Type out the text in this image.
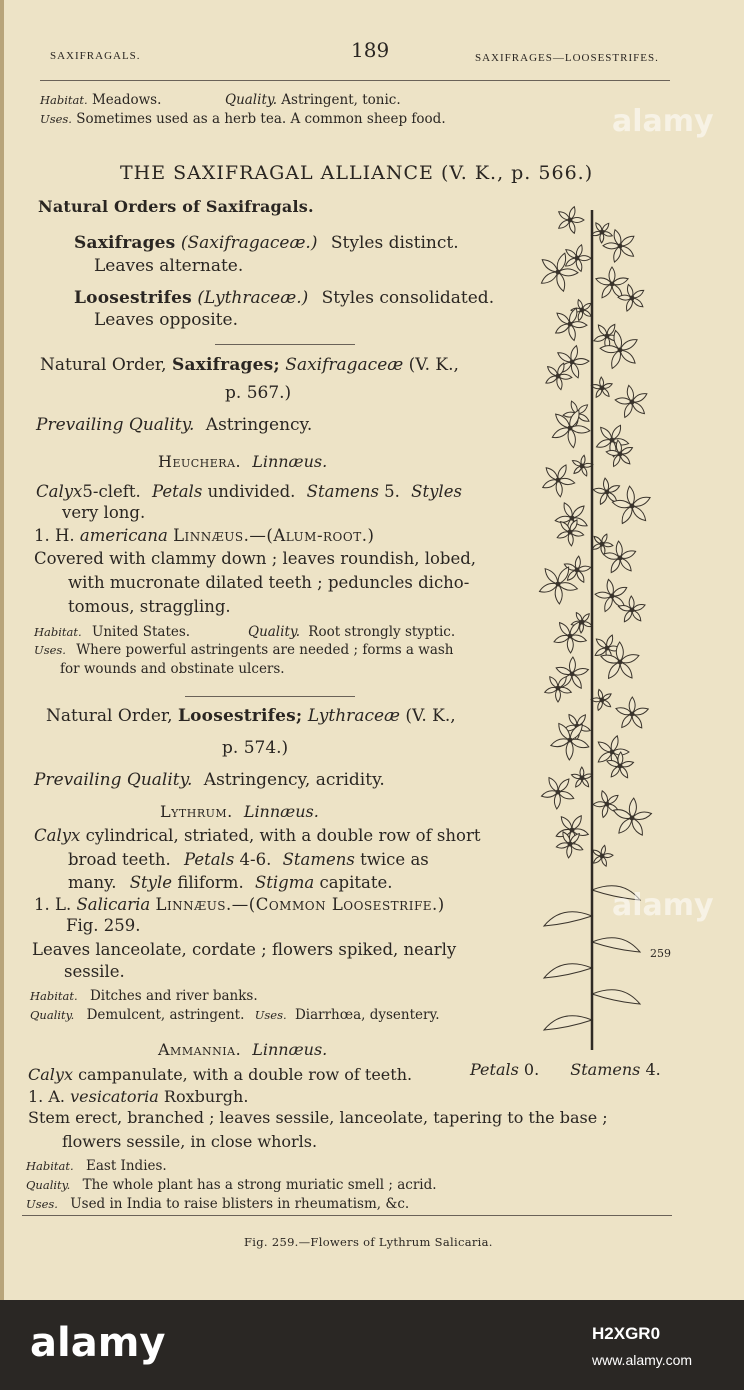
SAXIFRAGALS.	189	SAXIFRAGES—LOOSESTRIFES.
Habitat. Meadows.	Quality. Astringent, tonic.
Uses. Sometimes used as a herb tea. A common sheep food.
THE SAXIFRAGAL ALLIANCE (V. K., p. 566.)
Natural Orders of Saxifragals.
Saxifrages (Saxifragaceæ.) Styles distinct.
Leaves alternate.
Loosestrifes (Lythraceæ.) Styles consolidated.
Leaves opposite.
Natural Order, Saxifrages; Saxifragaceæ (V. K.,
p. 567.)
Prevailing Quality. Astringency.
Heuchera. Linnæus.
Calyx5-cleft. Petals undivided. Stamens 5. Styles
very long.
1. H. americana Linnæus.—(Alum-root.)
Covered with clammy down ; leaves roundish, lobed,
with mucronate dilated teeth ; peduncles dicho-
tomous, straggling.
Habitat. United States.	Quality. Root strongly styptic.
Uses. Where powerful astringents are needed ; forms a wash
for wounds and obstinate ulcers.
Natural Order, Loosestrifes; Lythraceæ (V. K.,
p. 574.)
Prevailing Quality. Astringency, acridity.
Lythrum. Linnæus.
Calyx cylindrical, striated, with a double row of short
broad teeth. Petals 4-6. Stamens twice as
many. Style filiform. Stigma capitate.
1. L. Salicaria Linnæus.—(Common Loosestrife.)
Fig. 259.
Leaves lanceolate, cordate ; flowers spiked, nearly
sessile.
Habitat. Ditches and river banks.
Quality. Demulcent, astringent. Uses. Diarrhœa, dysentery.
Ammannia. Linnæus.
Calyx campanulate, with a double row of teeth.	Petals 0. Stamens 4.
1. A. vesicatoria Roxburgh.
Stem erect, branched ; leaves sessile, lanceolate, tapering to the base ;
flowers sessile, in close whorls.
Habitat. East Indies.
Quality. The whole plant has a strong muriatic smell ; acrid.
Uses. Used in India to raise blisters in rheumatism, &c.
Fig. 259.—Flowers of Lythrum Salicaria.
259
alamy
alamy
alamy	H2XGR0
www.alamy.com
